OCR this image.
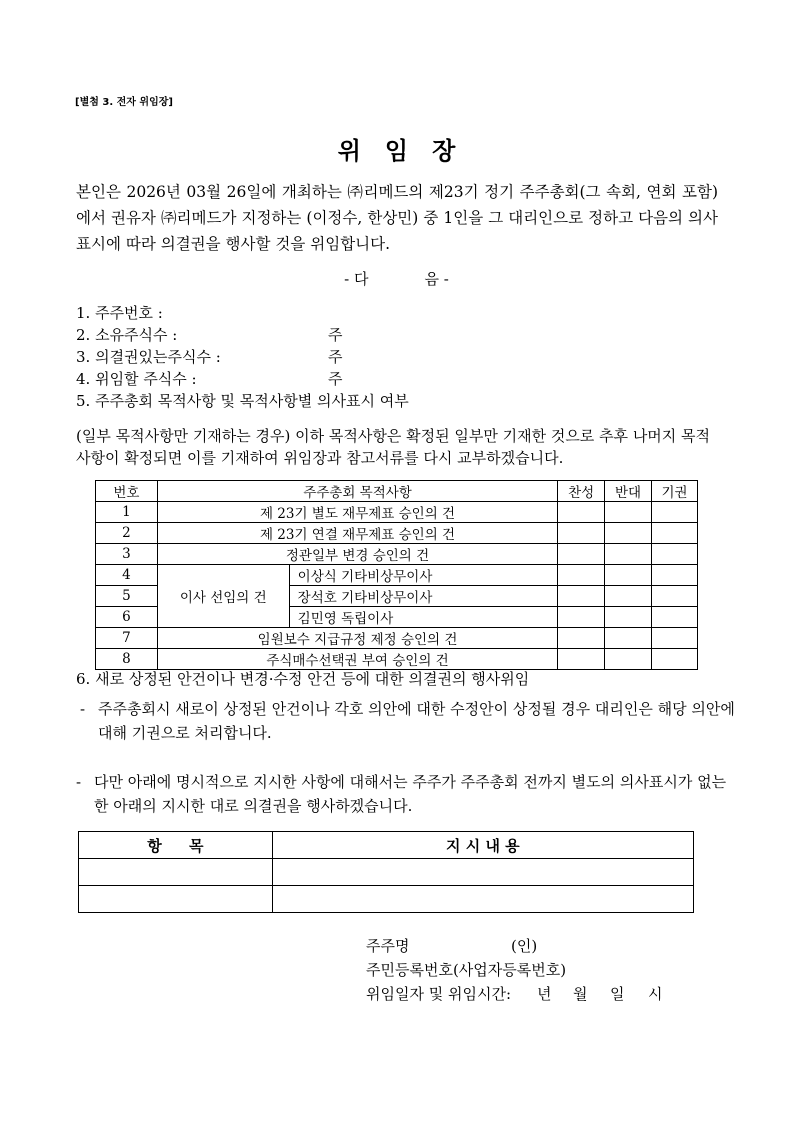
[별첨 3. 전자 위임장]
위임장
본인은 2026년 03월 26일에 개최하는 ㈜리메드의 제23기 정기 주주총회(그 속회, 연회 포함)에서 권유자 ㈜리메드가 지정하는 (이정수, 한상민) 중 1인을 그 대리인으로 정하고 다음의 의사표시에 따라 의결권을 행사할 것을 위임합니다.
- 다	음 -
1. 주주번호 :
2. 소유주식수 :	주
3. 의결권있는주식수 :	주
4. 위임할 주식수 :	주
5. 주주총회 목적사항 및 목적사항별 의사표시 여부
(일부 목적사항만 기재하는 경우) 이하 목적사항은 확정된 일부만 기재한 것으로 추후 나머지 목적사항이 확정되면 이를 기재하여 위임장과 참고서류를 다시 교부하겠습니다.
번호	주주총회 목적사항		찬성	반대	기권
1	제 23기 별도 재무제표 승인의 건				
2	제 23기 연결 재무제표 승인의 건				
3	정관일부 변경 승인의 건				
4	이사 선임의 건	이상식 기타비상무이사			
5		장석호 기타비상무이사			
6		김민영 독립이사			
7	임원보수 지급규정 제정 승인의 건				
8	주식매수선택권 부여 승인의 건				
6. 새로 상정된 안건이나 변경·수정 안건 등에 대한 의결권의 행사위임
- 주주총회시 새로이 상정된 안건이나 각호 의안에 대한 수정안이 상정될 경우 대리인은 해당 의안에 대해 기권으로 처리합니다.
- 다만 아래에 명시적으로 지시한 사항에 대해서는 주주가 주주총회 전까지 별도의 의사표시가 없는 한 아래의 지시한 대로 의결권을 행사하겠습니다.
항 목	지 시 내 용

주주명	(인)
주민등록번호(사업자등록번호)
위임일자 및 위임시간: 년 월 일 시
